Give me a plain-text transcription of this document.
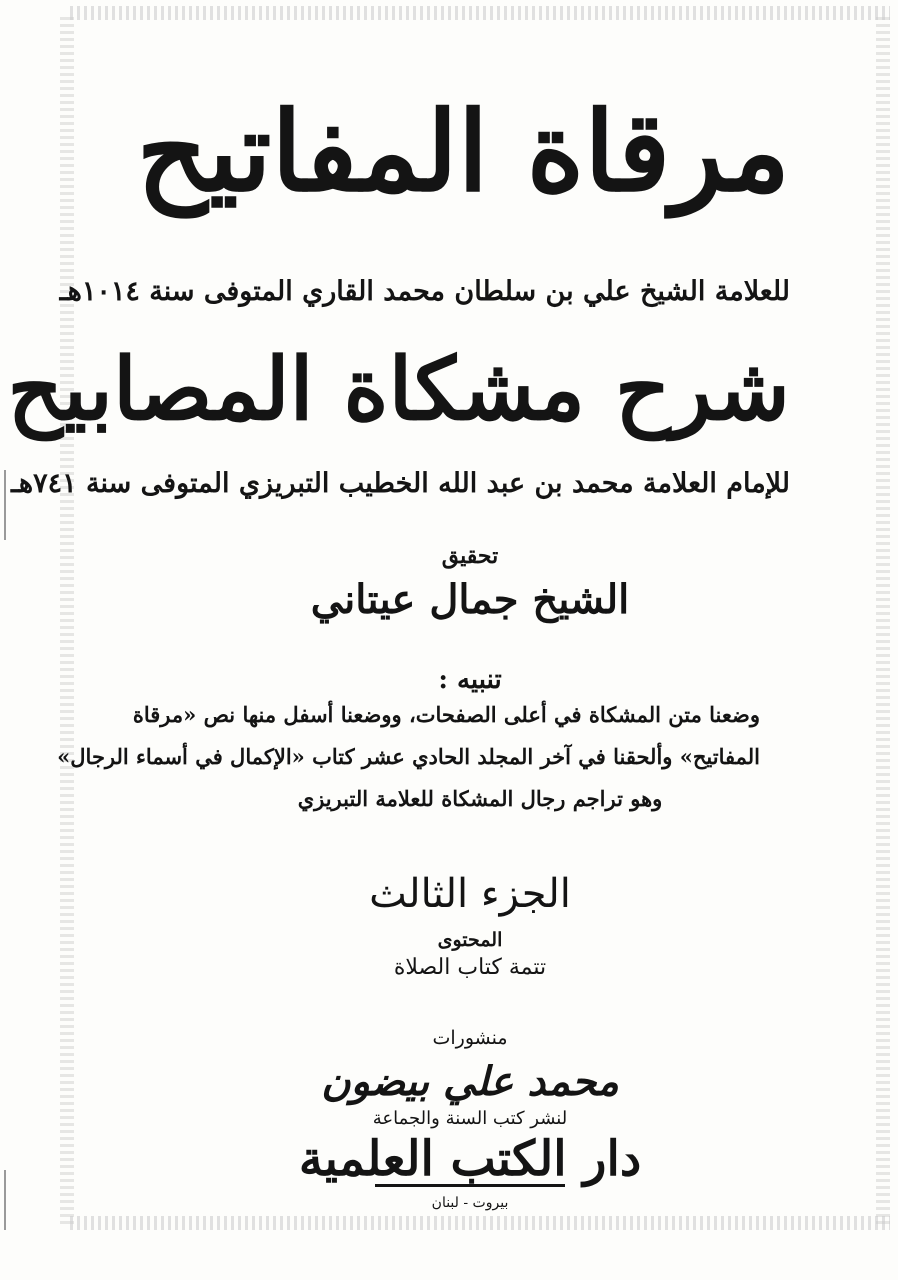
مرقاة المفاتيح
للعلامة الشيخ علي بن سلطان محمد القاري المتوفى سنة ١٠١٤هـ
شرح مشكاة المصابيح
للإمام العلامة محمد بن عبد الله الخطيب التبريزي المتوفى سنة ٧٤١هـ
تحقيق
الشيخ جمال عيتاني
تنبيه :
وضعنا متن المشكاة في أعلى الصفحات، ووضعنا أسفل منها نص «مرقاة
المفاتيح» وألحقنا في آخر المجلد الحادي عشر كتاب «الإكمال في أسماء الرجال»
وهو تراجم رجال المشكاة للعلامة التبريزي
الجزء الثالث
المحتوى
تتمة كتاب الصلاة
منشورات
محمد علي بيضون
لنشر كتب السنة والجماعة
دار الكتب العلمية
بيروت - لبنان
